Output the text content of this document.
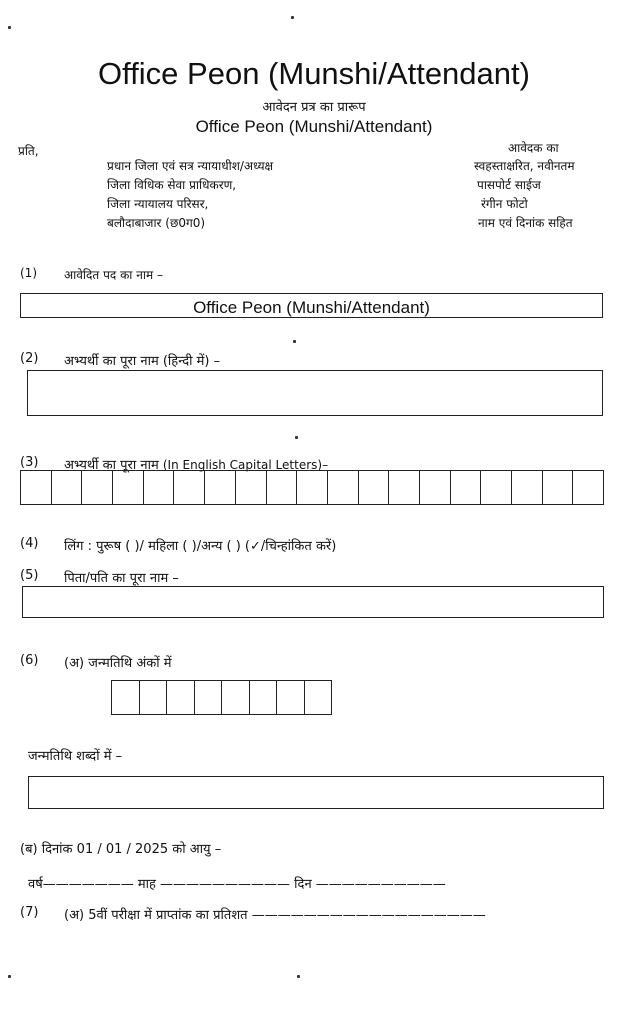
Office Peon (Munshi/Attendant)
आवेदन प्रत्र का प्रारूप
Office Peon (Munshi/Attendant)
प्रति,
प्रधान जिला एवं सत्र न्यायाधीश/अध्यक्ष
जिला विधिक सेवा प्राधिकरण,
जिला न्यायालय परिसर,
बलौदाबाजार (छ0ग0)
आवेदक का
स्वहस्ताक्षरित, नवीनतम
पासपोर्ट साईज
रंगीन फोटो
नाम एवं दिनांक सहित
(1) आवेदित पद का नाम –
Office Peon (Munshi/Attendant)
(2) अभ्यर्थी का पूरा नाम (हिन्दी में) –
(3) अभ्यर्थी का पूरा नाम (In English Capital Letters)–
(4) लिंग : पुरूष ( )/ महिला ( )/अन्य ( ) (✓/चिन्हांकित करें)
(5) पिता/पति का पूरा नाम –
(6) (अ) जन्मतिथि अंकों में
जन्मतिथि शब्दों में –
(ब) दिनांक 01 / 01 / 2025 को आयु –
वर्ष——————— माह —————————— दिन ——————————
(7) (अ) 5वीं परीक्षा में प्राप्तांक का प्रतिशत ——————————————————
